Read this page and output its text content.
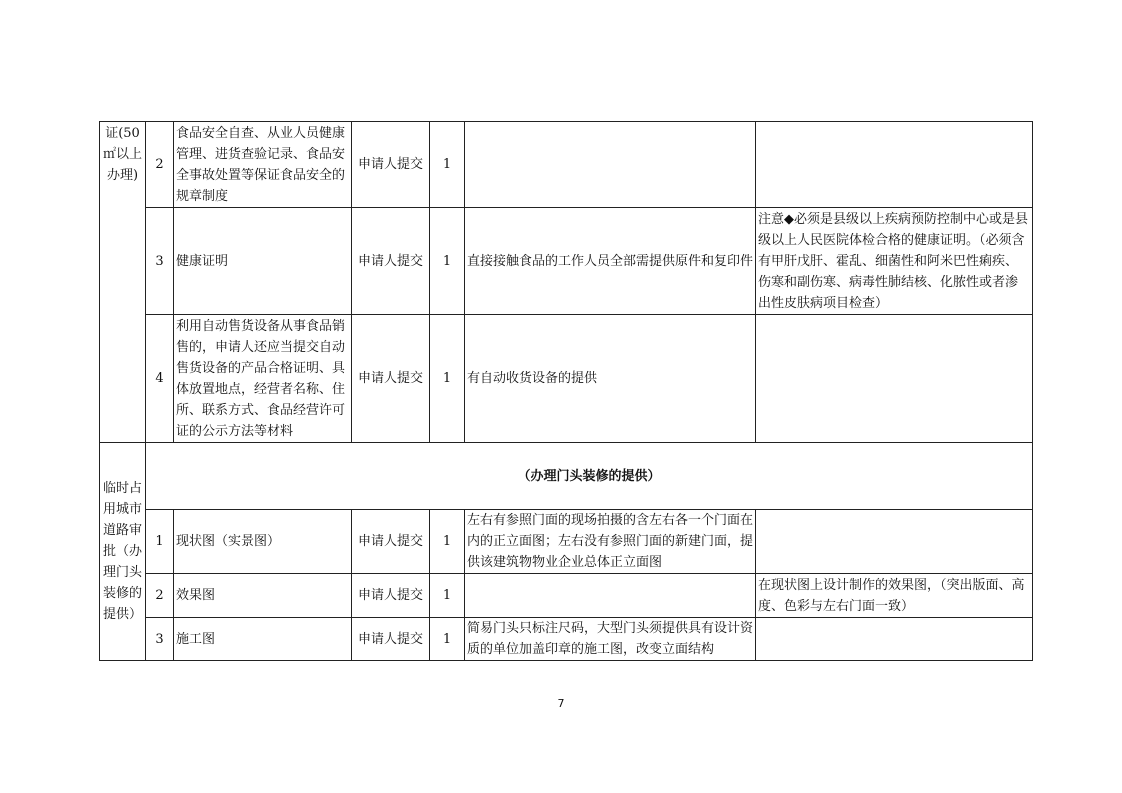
证(50㎡以上办理)	2	食品安全自查、从业人员健康管理、进货查验记录、食品安全事故处置等保证食品安全的规章制度	申请人提交	1		
	3	健康证明	申请人提交	1	直接接触食品的工作人员全部需提供原件和复印件	注意◆必须是县级以上疾病预防控制中心或是县级以上人民医院体检合格的健康证明。（必须含有甲肝戊肝、霍乱、细菌性和阿米巴性痢疾、伤寒和副伤寒、病毒性肺结核、化脓性或者渗出性皮肤病项目检查）
	4	利用自动售货设备从事食品销售的，申请人还应当提交自动售货设备的产品合格证明、具体放置地点，经营者名称、住所、联系方式、食品经营许可证的公示方法等材料	申请人提交	1	有自动收货设备的提供	
临时占用城市道路审批（办理门头装修的提供）	（办理门头装修的提供）					
	1	现状图（实景图）	申请人提交	1	左右有参照门面的现场拍摄的含左右各一个门面在内的正立面图；左右没有参照门面的新建门面，提供该建筑物物业企业总体正立面图	
	2	效果图	申请人提交	1		在现状图上设计制作的效果图，（突出版面、高度、色彩与左右门面一致）
	3	施工图	申请人提交	1	简易门头只标注尺码，大型门头须提供具有设计资质的单位加盖印章的施工图，改变立面结构	
7
